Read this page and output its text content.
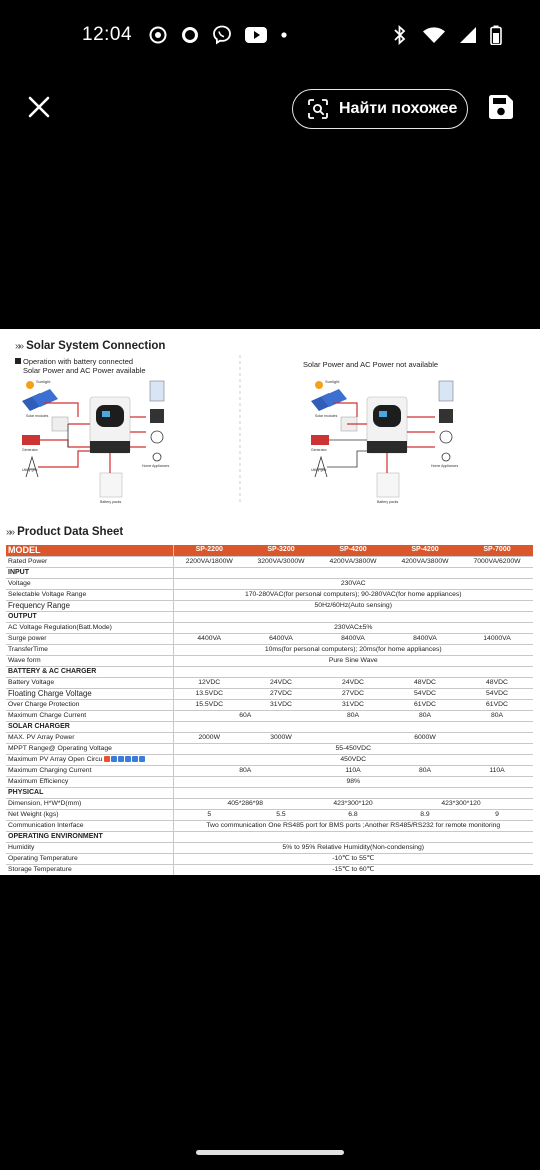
12:04
Найти похожее
»» Solar System Connection
Operation with battery connected
Solar Power and AC Power available
Solar Power and AC Power not available
Sunlight
Solar modules
Generator
Utility grid
Battery packs
Home Appliances
Sunlight
Solar modules
Generator
Utility grid
Battery packs
Home Appliances
»» Product Data Sheet
MODEL	SP-2200	SP-3200	SP-4200	SP-4200	SP-7000
Rated Power	2200VA/1800W	3200VA/3000W	4200VA/3800W	4200VA/3800W	7000VA/6200W
INPUT					
Voltage	230VAC				
Selectable Voltage Range	170-280VAC(for personal computers); 90-280VAC(for home appliances)				
Frequency Range	50Hz/60Hz(Auto sensing)				
OUTPUT					
AC Voltage Regulation(Batt.Mode)	230VAC±5%				
Surge power	4400VA	6400VA	8400VA	8400VA	14000VA
TransferTime	10ms(for personal computers); 20ms(for home appliances)				
Wave form	Pure Sine Wave				
BATTERY & AC CHARGER					
Battery Voltage	12VDC	24VDC	24VDC	48VDC	48VDC
Floating Charge Voltage	13.5VDC	27VDC	27VDC	54VDC	54VDC
Over Charge Protection	15.5VDC	31VDC	31VDC	61VDC	61VDC
Maximum Charge Current	60A		80A	80A	80A
SOLAR CHARGER					
MAX. PV Array Power	2000W	3000W	6000W		
MPPT Range@ Operating Voltage	55-450VDC				
Maximum PV Array Open Circu	450VDC				
Maximum Charging Current	80A		110A	80A	110A
Maximum Efficiency	98%				
PHYSICAL					
Dimension, H*W*D(mm)	405*286*98		423*300*120	423*300*120	
Net Weight (kgs)	5	5.5	6.8	8.9	9
Communication Interface	Two communication One RS485 port for BMS ports ;Another RS485/RS232 for remote monitoring				
OPERATING ENVIRONMENT					
Humidity	5% to 95% Relative Humidity(Non-condensing)				
Operating Temperature	-10℃ to 55℃				
Storage Temperature	-15℃ to 60℃				
